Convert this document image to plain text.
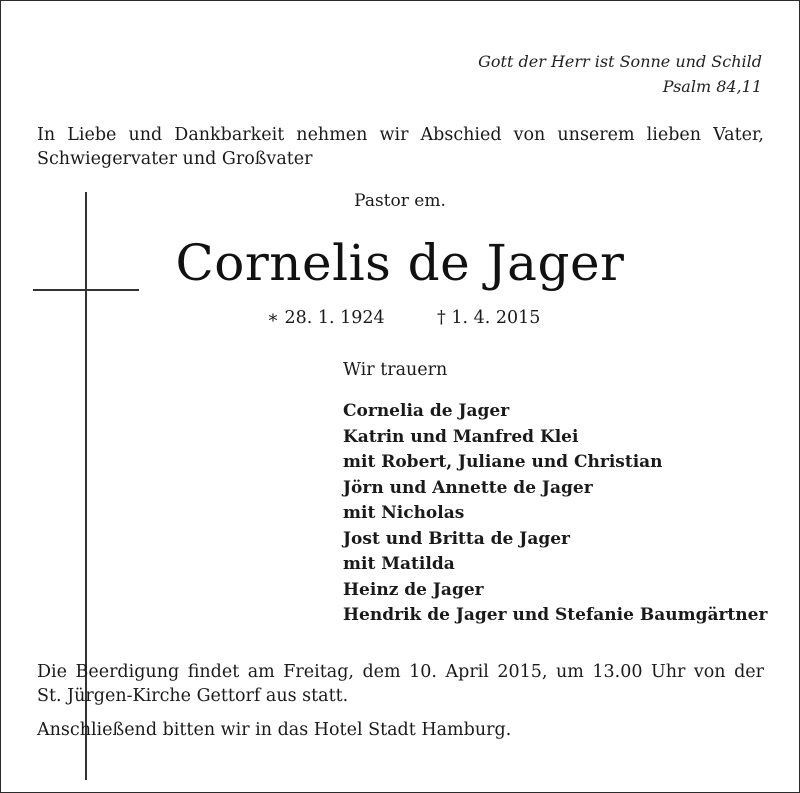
Gott der Herr ist Sonne und Schild
Psalm 84,11
In Liebe und Dankbarkeit nehmen wir Abschied von unserem lieben Vater,
Schwiegervater und Großvater
Pastor em.
Cornelis de Jager
∗ 28. 1. 1924	† 1. 4. 2015
Wir trauern
Cornelia de Jager
Katrin und Manfred Klei
mit Robert, Juliane und Christian
Jörn und Annette de Jager
mit Nicholas
Jost und Britta de Jager
mit Matilda
Heinz de Jager
Hendrik de Jager und Stefanie Baumgärtner
Die Beerdigung findet am Freitag, dem 10. April 2015, um 13.00 Uhr von der
St. Jürgen-Kirche Gettorf aus statt.
Anschließend bitten wir in das Hotel Stadt Hamburg.
